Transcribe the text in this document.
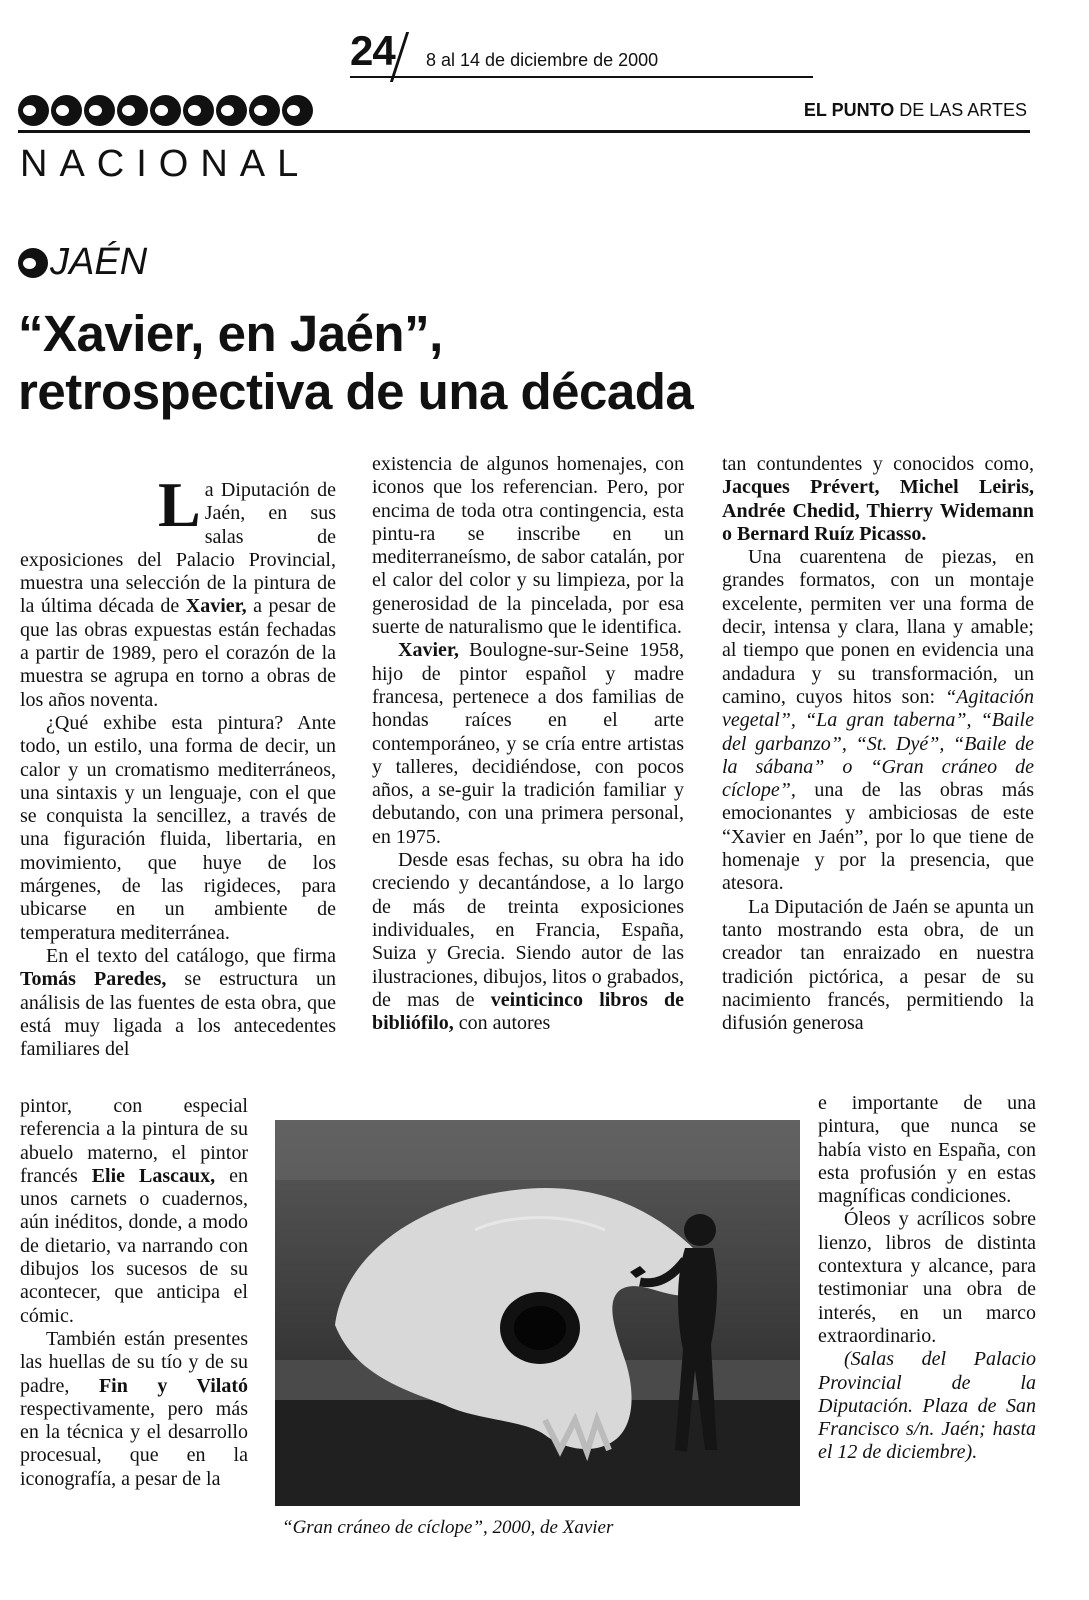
24 8 al 14 de diciembre de 2000
EL PUNTO DE LAS ARTES
NACIONAL
JAÉN
“Xavier, en Jaén”,
retrospectiva de una década

La Diputación de Jaén, en sus salas de exposiciones del Palacio Provincial, muestra una selección de la pintura de la última década de Xavier, a pesar de que las obras expuestas están fechadas a partir de 1989, pero el corazón de la muestra se agrupa en torno a obras de los años noventa.

¿Qué exhibe esta pintura? Ante todo, un estilo, una forma de decir, un calor y un cromatismo mediterráneos, una sintaxis y un lenguaje, con el que se conquista la sencillez, a través de una figuración fluida, libertaria, en movimiento, que huye de los márgenes, de las rigideces, para ubicarse en un ambiente de temperatura mediterránea.

En el texto del catálogo, que firma Tomás Paredes, se estructura un análisis de las fuentes de esta obra, que está muy ligada a los antecedentes familiares del

pintor, con especial referencia a la pintura de su abuelo materno, el pintor francés Elie Lascaux, en unos carnets o cuadernos, aún inéditos, donde, a modo de dietario, va narrando con dibujos los sucesos de su acontecer, que anticipa el cómic.

También están presentes las huellas de su tío y de su padre, Fin y Vilató respectivamente, pero más en la técnica y el desarrollo procesual, que en la iconografía, a pesar de la

existencia de algunos homenajes, con iconos que los referencian. Pero, por encima de toda otra contingencia, esta pintu-ra se inscribe en un mediterraneísmo, de sabor catalán, por el calor del color y su limpieza, por la generosidad de la pincelada, por esa suerte de naturalismo que le identifica.

Xavier, Boulogne-sur-Seine 1958, hijo de pintor español y madre francesa, pertenece a dos familias de hondas raíces en el arte contemporáneo, y se cría entre artistas y talleres, decidiéndose, con pocos años, a se-guir la tradición familiar y debutando, con una primera personal, en 1975.

Desde esas fechas, su obra ha ido creciendo y decantándose, a lo largo de más de treinta exposiciones individuales, en Francia, España, Suiza y Grecia. Siendo autor de las ilustraciones, dibujos, litos o grabados, de mas de veinticinco libros de bibliófilo, con autores

tan contundentes y conocidos como, Jacques Prévert, Michel Leiris, Andrée Chedid, Thierry Widemann o Bernard Ruíz Picasso.

Una cuarentena de piezas, en grandes formatos, con un montaje excelente, permiten ver una forma de decir, intensa y clara, llana y amable; al tiempo que ponen en evidencia una andadura y su transformación, un camino, cuyos hitos son: “Agitación vegetal”, “La gran taberna”, “Baile del garbanzo”, “St. Dyé”, “Baile de la sábana” o “Gran cráneo de cíclope”, una de las obras más emocionantes y ambiciosas de este “Xavier en Jaén”, por lo que tiene de homenaje y por la presencia, que atesora.

La Diputación de Jaén se apunta un tanto mostrando esta obra, de un creador tan enraizado en nuestra tradición pictórica, a pesar de su nacimiento francés, permitiendo la difusión generosa

e importante de una pintura, que nunca se había visto en España, con esta profusión y en estas magníficas condiciones.

Óleos y acrílicos sobre lienzo, libros de distinta contextura y alcance, para testimoniar una obra de interés, en un marco extraordinario.

(Salas del Palacio Provincial de la Diputación. Plaza de San Francisco s/n. Jaén; hasta el 12 de diciembre).

“Gran cráneo de cíclope”, 2000, de Xavier
